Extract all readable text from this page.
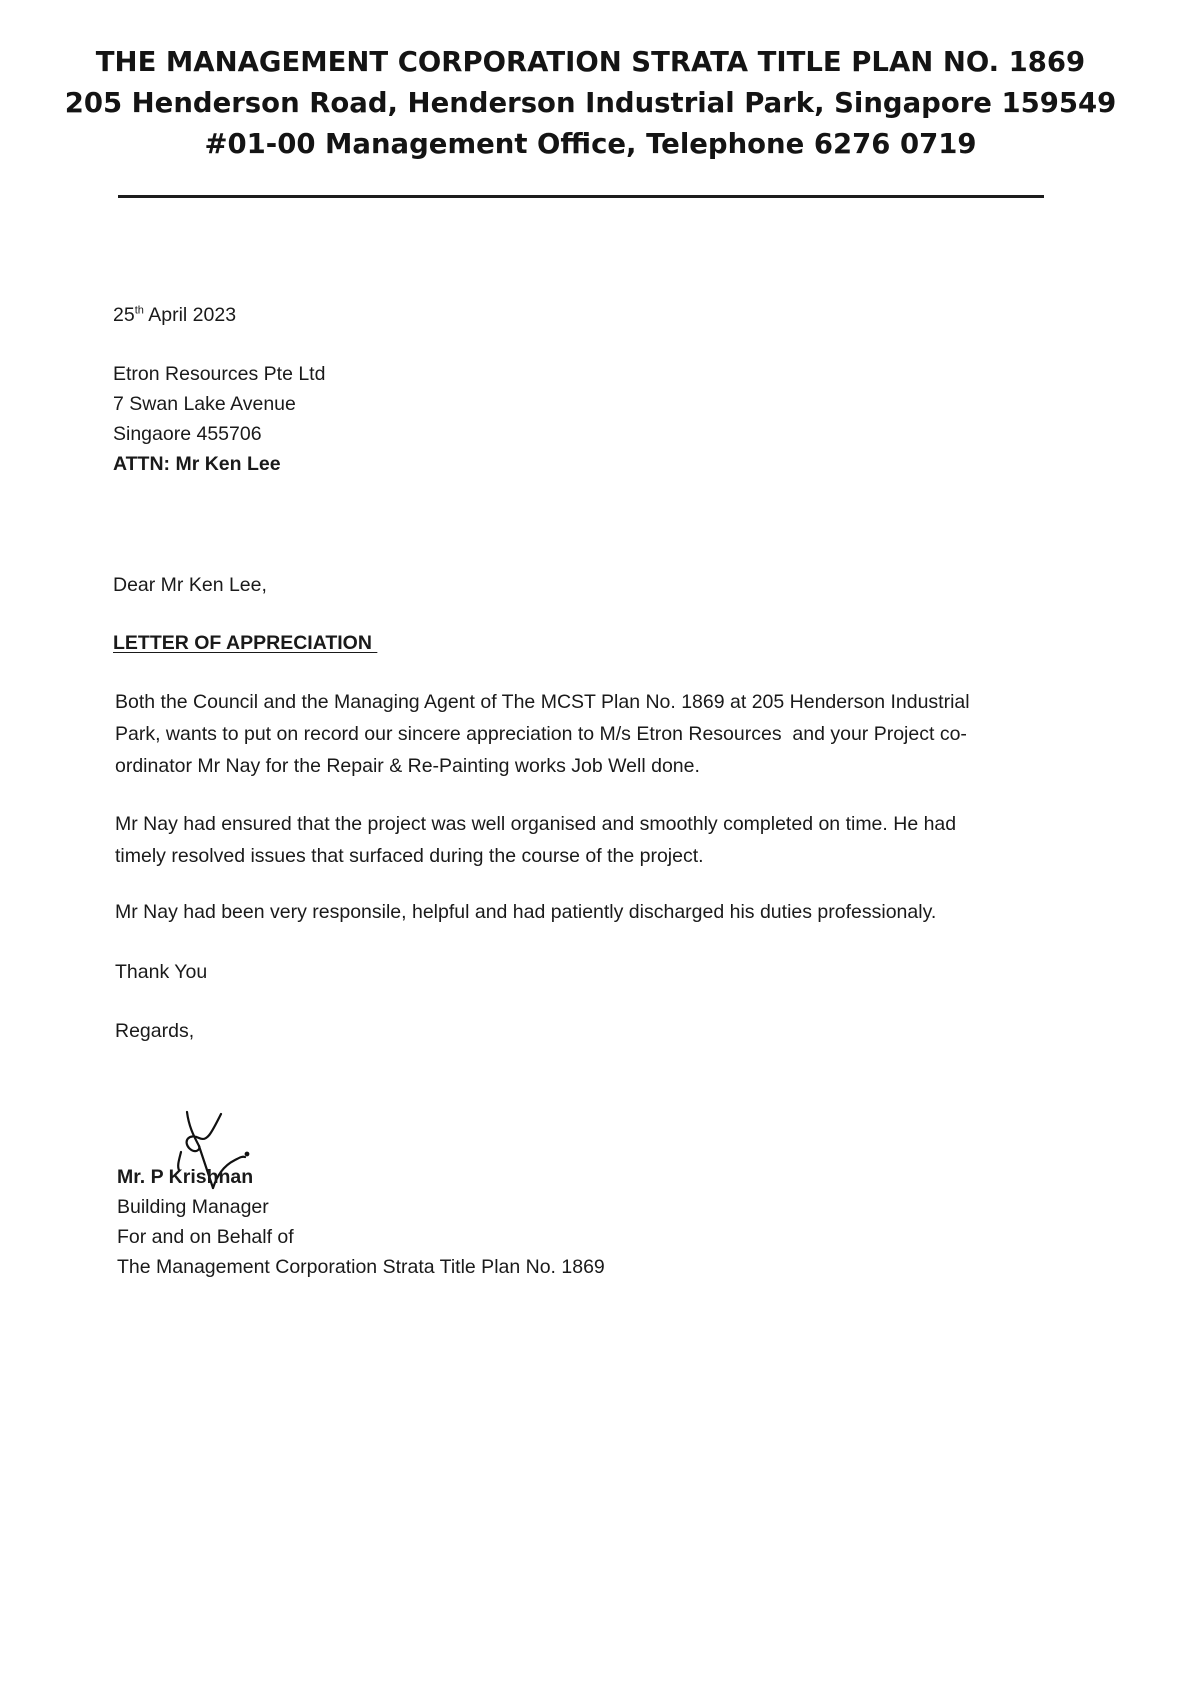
THE MANAGEMENT CORPORATION STRATA TITLE PLAN NO. 1869
205 Henderson Road, Henderson Industrial Park, Singapore 159549
#01-00 Management Office, Telephone 6276 0719
25th April 2023
Etron Resources Pte Ltd
7 Swan Lake Avenue
Singaore 455706
ATTN: Mr Ken Lee
Dear Mr Ken Lee,
LETTER OF APPRECIATION

Both the Council and the Managing Agent of The MCST Plan No. 1869 at 205 Henderson Industrial

Park, wants to put on record our sincere appreciation to M/s Etron Resources  and your Project co-

ordinator Mr Nay for the Repair & Re-Painting works Job Well done.

Mr Nay had ensured that the project was well organised and smoothly completed on time. He had

timely resolved issues that surfaced during the course of the project.

Mr Nay had been very responsile, helpful and had patiently discharged his duties professionaly.

Thank You
Regards,
Mr. P Krishnan
Building Manager
For and on Behalf of
The Management Corporation Strata Title Plan No. 1869
